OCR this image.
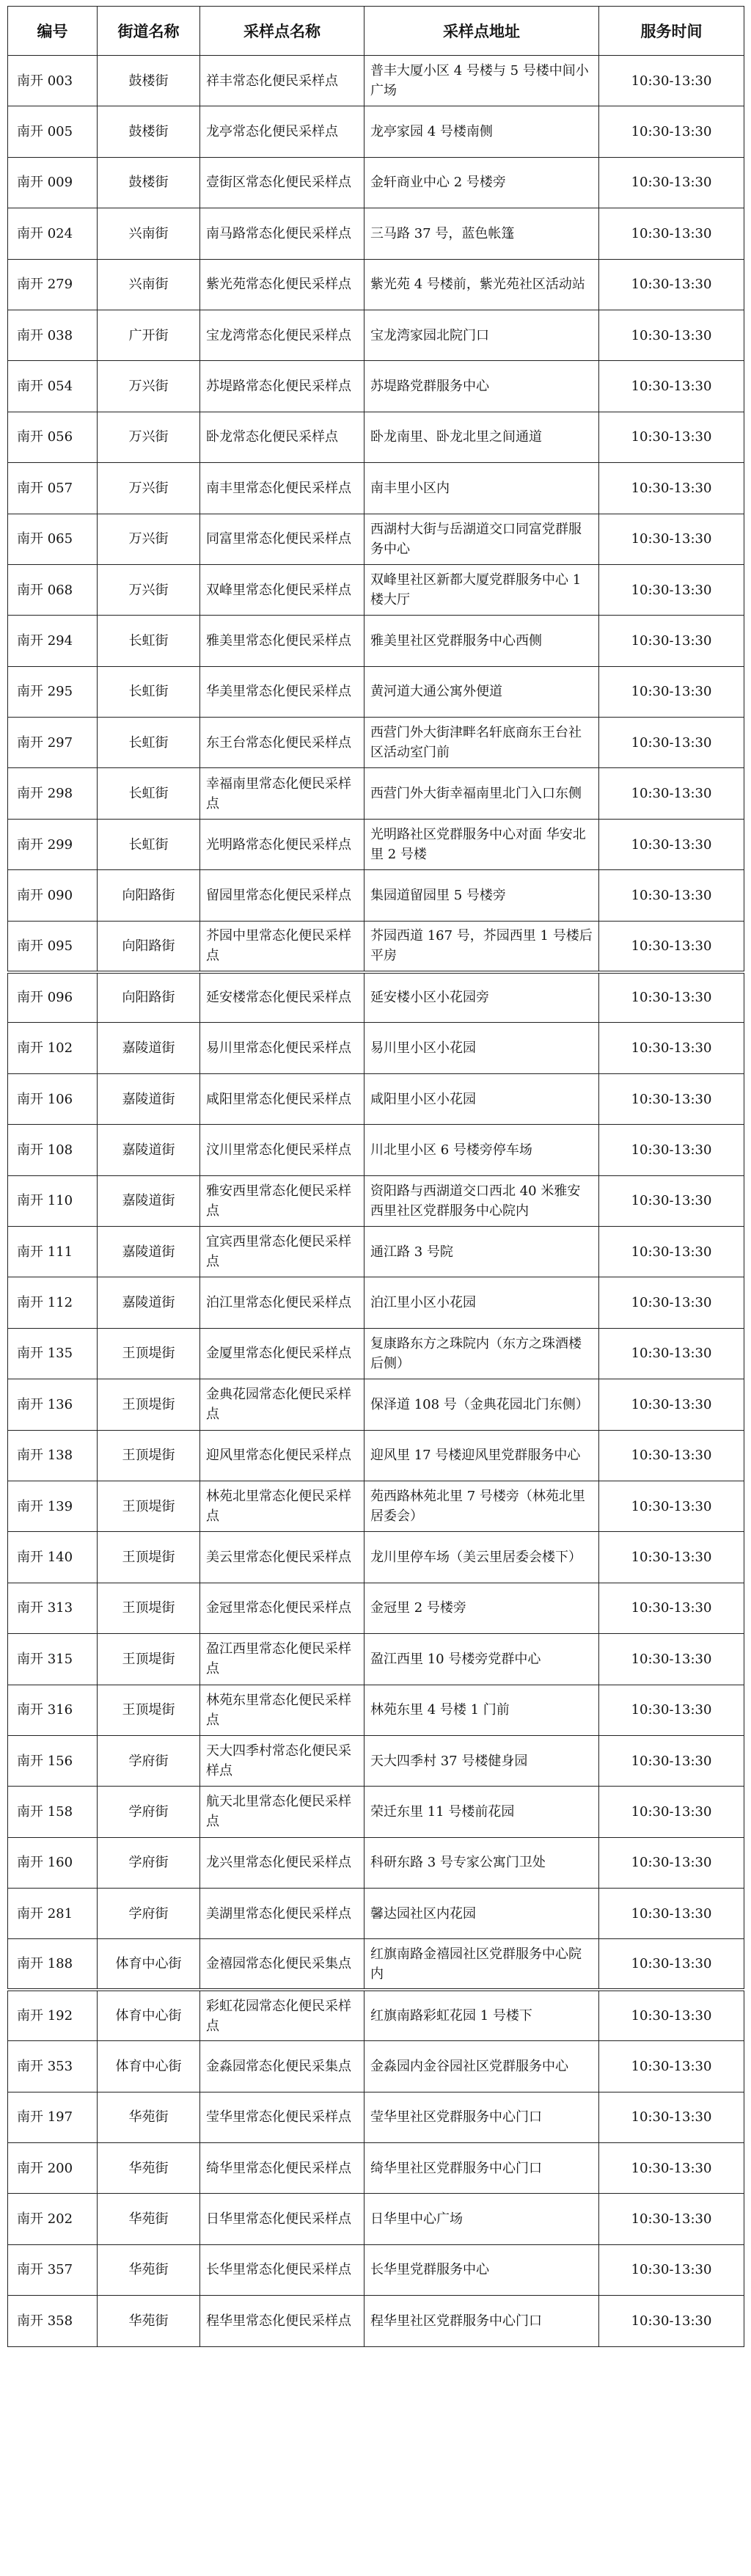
编号	街道名称	采样点名称	采样点地址	服务时间
南开 003	鼓楼街	祥丰常态化便民采样点	普丰大厦小区 4 号楼与 5 号楼中间小广场	10:30-13:30
南开 005	鼓楼街	龙亭常态化便民采样点	龙亭家园 4 号楼南侧	10:30-13:30
南开 009	鼓楼街	壹街区常态化便民采样点	金轩商业中心 2 号楼旁	10:30-13:30
南开 024	兴南街	南马路常态化便民采样点	三马路 37 号，蓝色帐篷	10:30-13:30
南开 279	兴南街	紫光苑常态化便民采样点	紫光苑 4 号楼前，紫光苑社区活动站	10:30-13:30
南开 038	广开街	宝龙湾常态化便民采样点	宝龙湾家园北院门口	10:30-13:30
南开 054	万兴街	苏堤路常态化便民采样点	苏堤路党群服务中心	10:30-13:30
南开 056	万兴街	卧龙常态化便民采样点	卧龙南里、卧龙北里之间通道	10:30-13:30
南开 057	万兴街	南丰里常态化便民采样点	南丰里小区内	10:30-13:30
南开 065	万兴街	同富里常态化便民采样点	西湖村大街与岳湖道交口同富党群服务中心	10:30-13:30
南开 068	万兴街	双峰里常态化便民采样点	双峰里社区新都大厦党群服务中心 1 楼大厅	10:30-13:30
南开 294	长虹街	雅美里常态化便民采样点	雅美里社区党群服务中心西侧	10:30-13:30
南开 295	长虹街	华美里常态化便民采样点	黄河道大通公寓外便道	10:30-13:30
南开 297	长虹街	东王台常态化便民采样点	西营门外大街津畔名轩底商东王台社区活动室门前	10:30-13:30
南开 298	长虹街	幸福南里常态化便民采样点	西营门外大街幸福南里北门入口东侧	10:30-13:30
南开 299	长虹街	光明路常态化便民采样点	光明路社区党群服务中心对面 华安北里 2 号楼	10:30-13:30
南开 090	向阳路街	留园里常态化便民采样点	集园道留园里 5 号楼旁	10:30-13:30
南开 095	向阳路街	芥园中里常态化便民采样点	芥园西道 167 号，芥园西里 1 号楼后平房	10:30-13:30
南开 096	向阳路街	延安楼常态化便民采样点	延安楼小区小花园旁	10:30-13:30
南开 102	嘉陵道街	易川里常态化便民采样点	易川里小区小花园	10:30-13:30
南开 106	嘉陵道街	咸阳里常态化便民采样点	咸阳里小区小花园	10:30-13:30
南开 108	嘉陵道街	汶川里常态化便民采样点	川北里小区 6 号楼旁停车场	10:30-13:30
南开 110	嘉陵道街	雅安西里常态化便民采样点	资阳路与西湖道交口西北 40 米雅安西里社区党群服务中心院内	10:30-13:30
南开 111	嘉陵道街	宜宾西里常态化便民采样点	通江路 3 号院	10:30-13:30
南开 112	嘉陵道街	泊江里常态化便民采样点	泊江里小区小花园	10:30-13:30
南开 135	王顶堤街	金厦里常态化便民采样点	复康路东方之珠院内（东方之珠酒楼后侧）	10:30-13:30
南开 136	王顶堤街	金典花园常态化便民采样点	保泽道 108 号（金典花园北门东侧）	10:30-13:30
南开 138	王顶堤街	迎风里常态化便民采样点	迎风里 17 号楼迎风里党群服务中心	10:30-13:30
南开 139	王顶堤街	林苑北里常态化便民采样点	苑西路林苑北里 7 号楼旁（林苑北里居委会）	10:30-13:30
南开 140	王顶堤街	美云里常态化便民采样点	龙川里停车场（美云里居委会楼下）	10:30-13:30
南开 313	王顶堤街	金冠里常态化便民采样点	金冠里 2 号楼旁	10:30-13:30
南开 315	王顶堤街	盈江西里常态化便民采样点	盈江西里 10 号楼旁党群中心	10:30-13:30
南开 316	王顶堤街	林苑东里常态化便民采样点	林苑东里 4 号楼 1 门前	10:30-13:30
南开 156	学府街	天大四季村常态化便民采样点	天大四季村 37 号楼健身园	10:30-13:30
南开 158	学府街	航天北里常态化便民采样点	荣迁东里 11 号楼前花园	10:30-13:30
南开 160	学府街	龙兴里常态化便民采样点	科研东路 3 号专家公寓门卫处	10:30-13:30
南开 281	学府街	美湖里常态化便民采样点	馨达园社区内花园	10:30-13:30
南开 188	体育中心街	金禧园常态化便民采集点	红旗南路金禧园社区党群服务中心院内	10:30-13:30
南开 192	体育中心街	彩虹花园常态化便民采样点	红旗南路彩虹花园 1 号楼下	10:30-13:30
南开 353	体育中心街	金淼园常态化便民采集点	金淼园内金谷园社区党群服务中心	10:30-13:30
南开 197	华苑街	莹华里常态化便民采样点	莹华里社区党群服务中心门口	10:30-13:30
南开 200	华苑街	绮华里常态化便民采样点	绮华里社区党群服务中心门口	10:30-13:30
南开 202	华苑街	日华里常态化便民采样点	日华里中心广场	10:30-13:30
南开 357	华苑街	长华里常态化便民采样点	长华里党群服务中心	10:30-13:30
南开 358	华苑街	程华里常态化便民采样点	程华里社区党群服务中心门口	10:30-13:30
